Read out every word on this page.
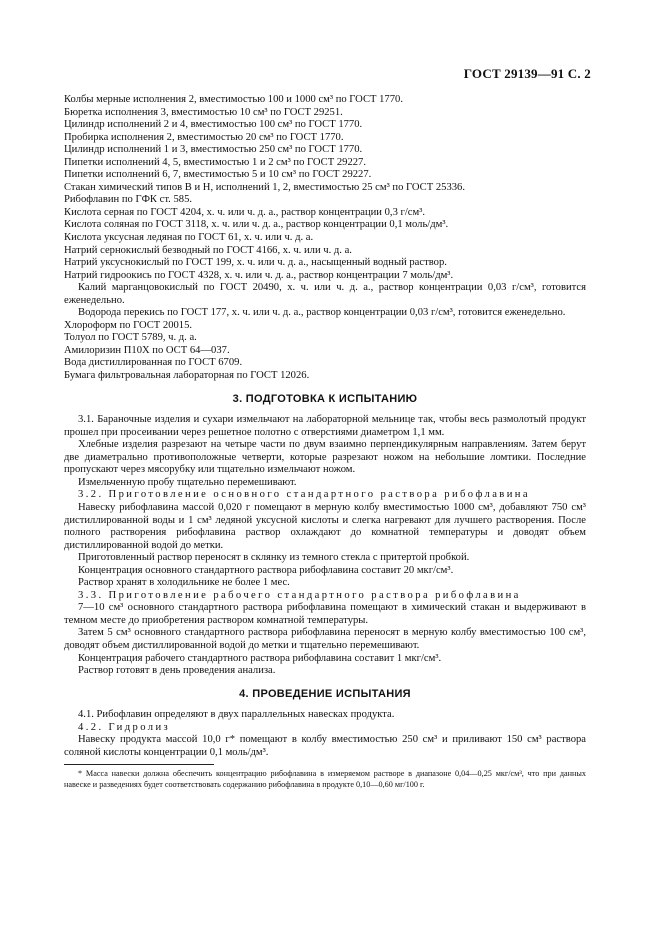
ГОСТ 29139—91 С. 2

Колбы мерные исполнения 2, вместимостью 100 и 1000 см³ по ГОСТ 1770.

Бюретка исполнения 3, вместимостью 10 см³ по ГОСТ 29251.

Цилиндр исполнений 2 и 4, вместимостью 100 см³ по ГОСТ 1770.

Пробирка исполнения 2, вместимостью 20 см³ по ГОСТ 1770.

Цилиндр исполнений 1 и 3, вместимостью 250 см³ по ГОСТ 1770.

Пипетки исполнений 4, 5, вместимостью 1 и 2 см³ по ГОСТ 29227.

Пипетки исполнений 6, 7, вместимостью 5 и 10 см³ по ГОСТ 29227.

Стакан химический типов В и Н, исполнений 1, 2, вместимостью 25 см³ по ГОСТ 25336.

Рибофлавин по ГФК ст. 585.

Кислота серная по ГОСТ 4204, х. ч. или ч. д. а., раствор концентрации 0,3 г/см³.

Кислота соляная по ГОСТ 3118, х. ч. или ч. д. а., раствор концентрации 0,1 моль/дм³.

Кислота уксусная ледяная по ГОСТ 61, х. ч. или ч. д. а.

Натрий сернокислый безводный по ГОСТ 4166, х. ч. или ч. д. а.

Натрий уксуснокислый по ГОСТ 199, х. ч. или ч. д. а., насыщенный водный раствор.

Натрий гидроокись по ГОСТ 4328, х. ч. или ч. д. а., раствор концентрации 7 моль/дм³.

Калий марганцовокислый по ГОСТ 20490, х. ч. или ч. д. а., раствор концентрации 0,03 г/см³, готовится еженедельно.

Водорода перекись по ГОСТ 177, х. ч. или ч. д. а., раствор концентрации 0,03 г/см³, готовится еженедельно.

Хлороформ по ГОСТ 20015.

Толуол по ГОСТ 5789, ч. д. а.

Амилоризин П10Х по ОСТ 64—037.

Вода дистиллированная по ГОСТ 6709.

Бумага фильтровальная лабораторная по ГОСТ 12026.

3. ПОДГОТОВКА К ИСПЫТАНИЮ

3.1. Бараночные изделия и сухари измельчают на лабораторной мельнице так, чтобы весь размолотый продукт прошел при просеивании через решетное полотно с отверстиями диаметром 1,1 мм.

Хлебные изделия разрезают на четыре части по двум взаимно перпендикулярным направлениям. Затем берут две диаметрально противоположные четверти, которые разрезают ножом на небольшие ломтики. Последние пропускают через мясорубку или тщательно измельчают ножом.

Измельченную пробу тщательно перемешивают.

3.2. Приготовление основного стандартного раствора рибофлавина

Навеску рибофлавина массой 0,020 г помещают в мерную колбу вместимостью 1000 см³, добавляют 750 см³ дистиллированной воды и 1 см³ ледяной уксусной кислоты и слегка нагревают для лучшего растворения. После полного растворения рибофлавина раствор охлаждают до комнатной температуры и доводят объем дистиллированной водой до метки.

Приготовленный раствор переносят в склянку из темного стекла с притертой пробкой.

Концентрация основного стандартного раствора рибофлавина составит 20 мкг/см³.

Раствор хранят в холодильнике не более 1 мес.

3.3. Приготовление рабочего стандартного раствора рибофлавина

7—10 см³ основного стандартного раствора рибофлавина помещают в химический стакан и выдерживают в темном месте до приобретения раствором комнатной температуры.

Затем 5 см³ основного стандартного раствора рибофлавина переносят в мерную колбу вместимостью 100 см³, доводят объем дистиллированной водой до метки и тщательно перемешивают.

Концентрация рабочего стандартного раствора рибофлавина составит 1 мкг/см³.

Раствор готовят в день проведения анализа.

4. ПРОВЕДЕНИЕ ИСПЫТАНИЯ

4.1. Рибофлавин определяют в двух параллельных навесках продукта.

4.2. Гидролиз

Навеску продукта массой 10,0 г* помещают в колбу вместимостью 250 см³ и приливают 150 см³ раствора соляной кислоты концентрации 0,1 моль/дм³.

* Масса навески должна обеспечить концентрацию рибофлавина в измеряемом растворе в диапазоне 0,04—0,25 мкг/см³, что при данных навеске и разведениях будет соответствовать содержанию рибофлавина в продукте 0,10—0,60 мг/100 г.
